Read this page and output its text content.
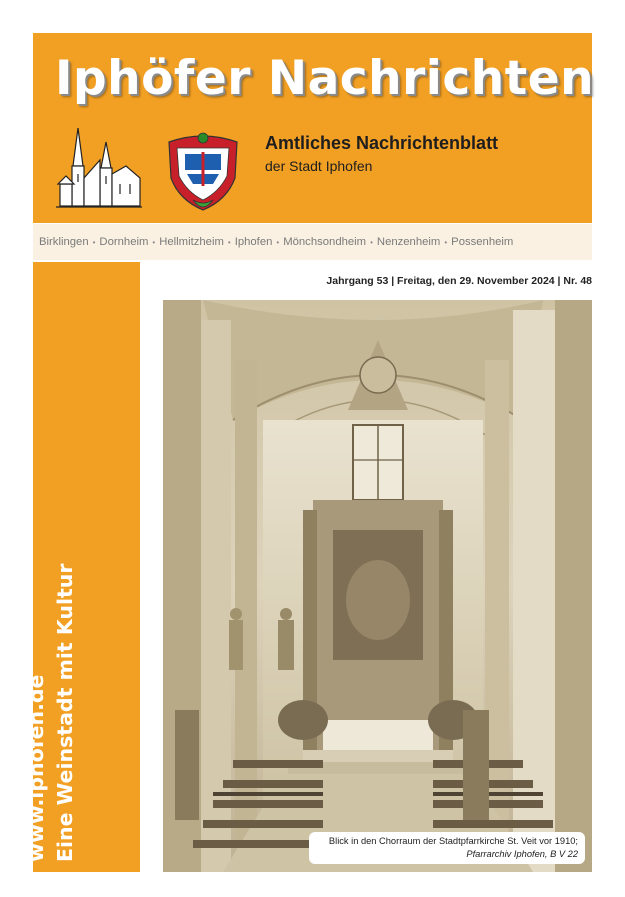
Iphöfer Nachrichten
Amtliches Nachrichtenblatt
der Stadt Iphofen
Birklingen • Dornheim • Hellmitzheim • Iphofen • Mönchsondheim • Nenzenheim • Possenheim
www.iphofen.de Eine Weinstadt mit Kultur
Jahrgang 53 | Freitag, den 29. November 2024 | Nr. 48
Blick in den Chorraum der Stadtpfarrkirche St. Veit vor 1910;
Pfarrarchiv Iphofen, B V 22
